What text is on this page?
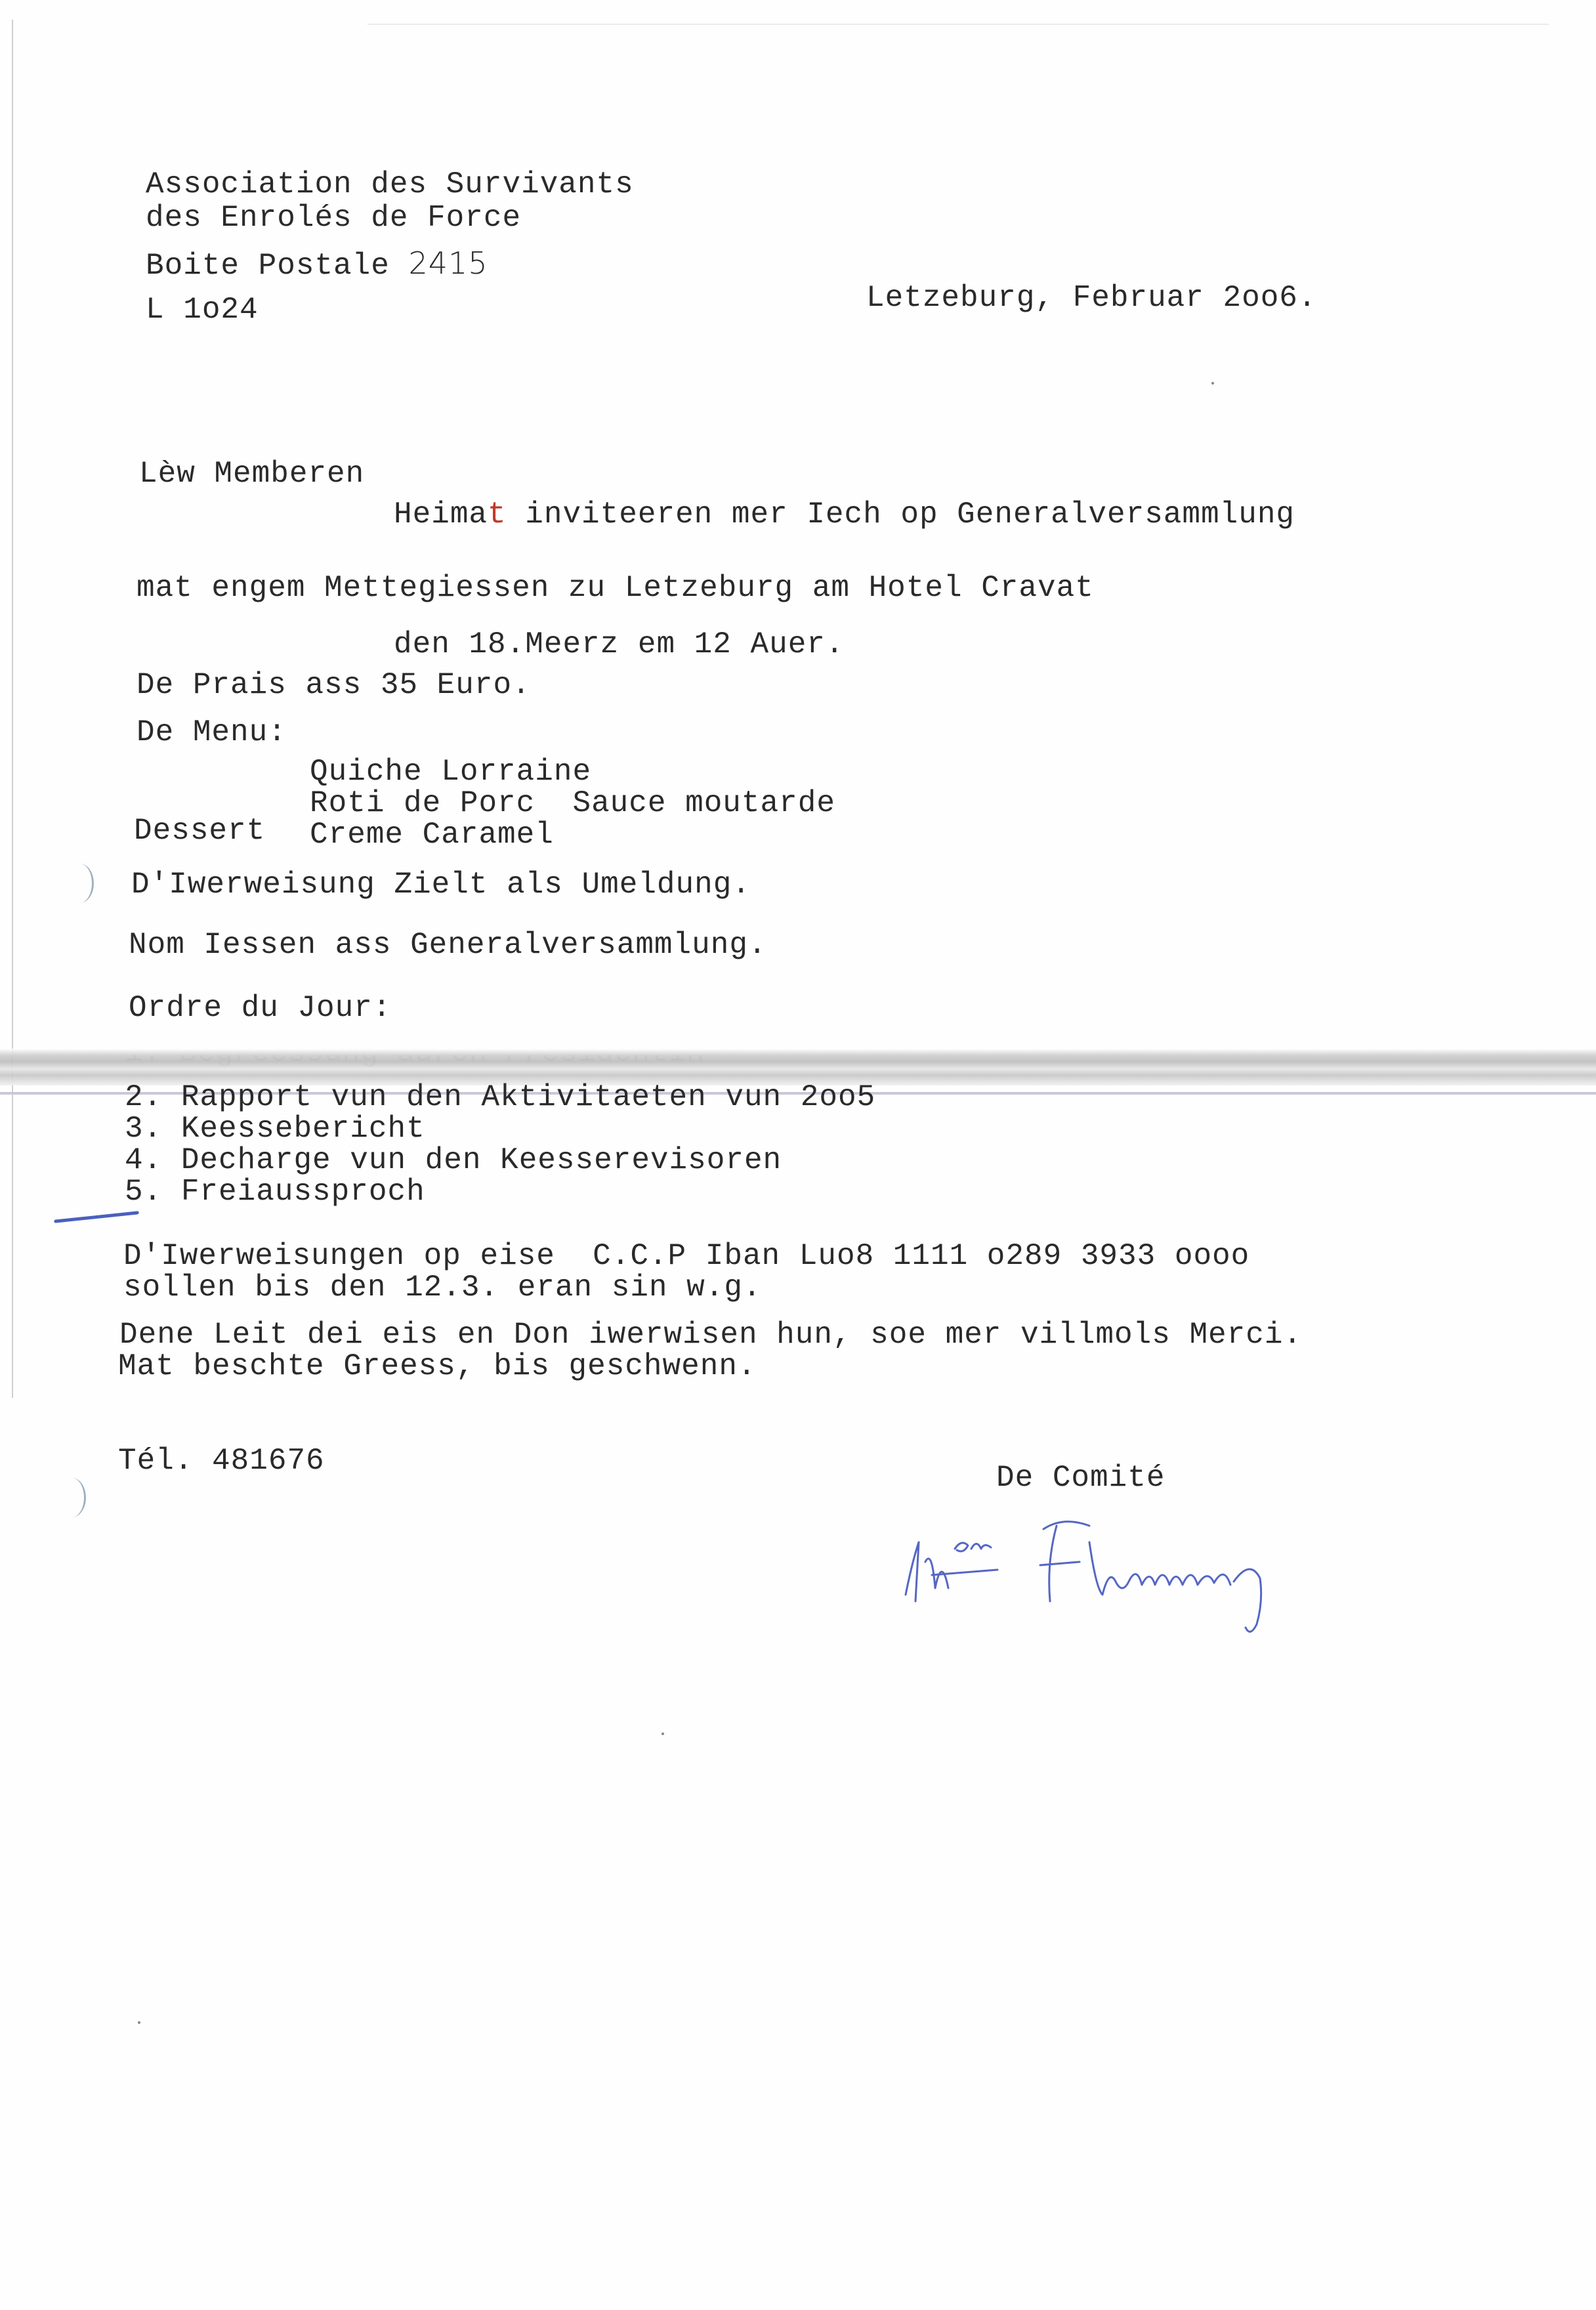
Association des Survivants
des Enrolés de Force
Boite Postale 2415
L 1o24	Letzeburg, Februar 2oo6.
Lèw Memberen
Heimat inviteeren mer Iech op Generalversammlung
mat engem Mettegiessen zu Letzeburg am Hotel Cravat
den 18.Meerz em 12 Auer.
De Prais ass 35 Euro.
De Menu:
Quiche Lorraine
Roti de Porc  Sauce moutarde
Dessert Creme Caramel
D'Iwerweisung Zielt als Umeldung.
Nom Iessen ass Generalversammlung.
Ordre du Jour:
2. Rapport vun den Aktivitaeten vun 2oo5
3. Keessebericht
4. Decharge vun den Keesserevisoren
5. Freiaussproch
D'Iwerweisungen op eise  C.C.P Iban Luo8 1111 o289 3933 oooo
sollen bis den 12.3. eran sin w.g.
Dene Leit dei eis en Don iwerwisen hun, soe mer villmols Merci.
Mat beschte Greess, bis geschwenn.
Tél. 481676	De Comité
